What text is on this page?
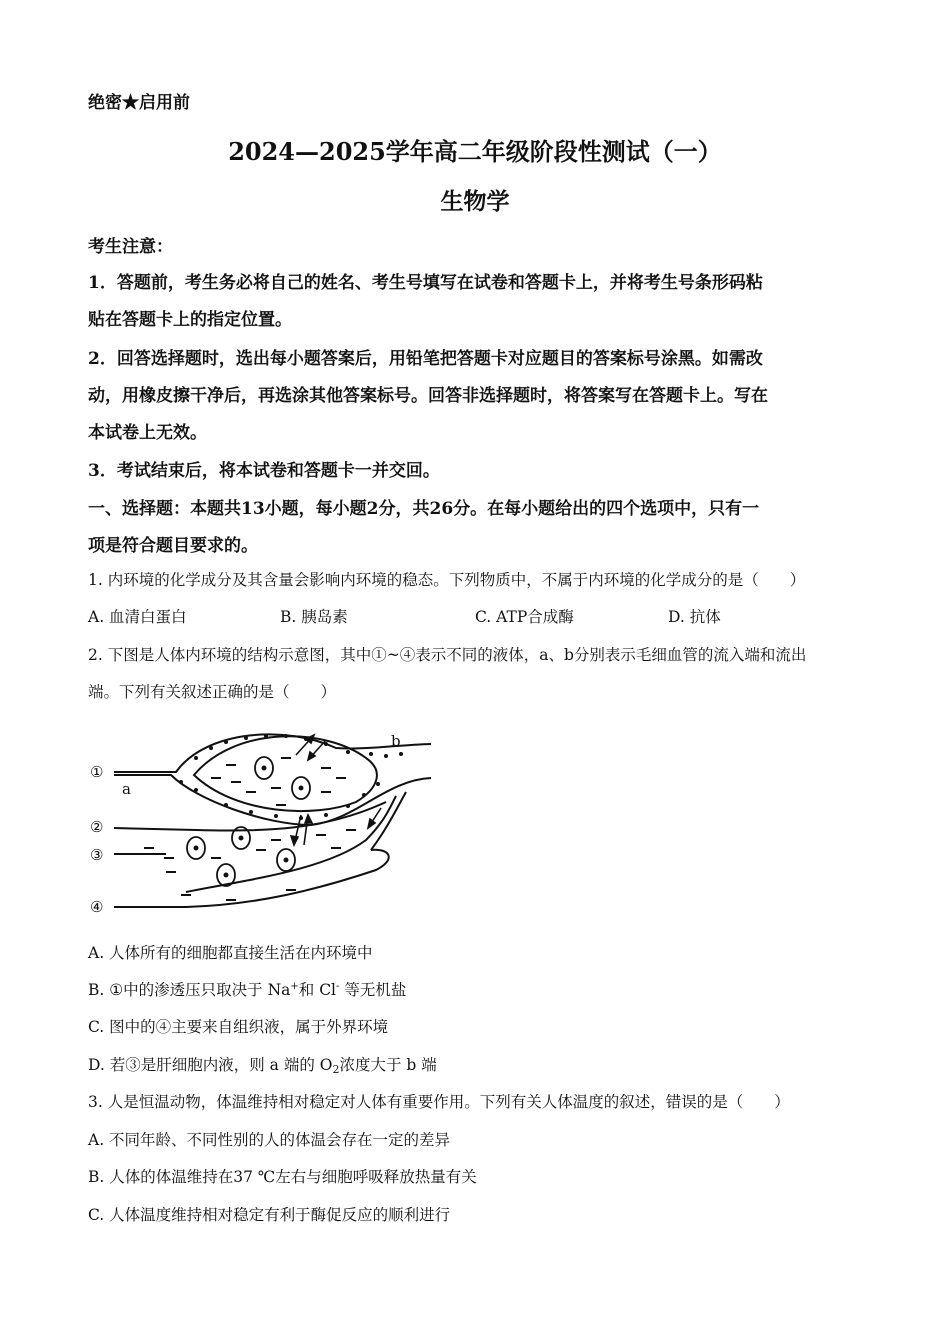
绝密★启用前
2024—2025学年高二年级阶段性测试（一）
生物学
考生注意：
1．答题前，考生务必将自己的姓名、考生号填写在试卷和答题卡上，并将考生号条形码粘
贴在答题卡上的指定位置。
2．回答选择题时，选出每小题答案后，用铅笔把答题卡对应题目的答案标号涂黑。如需改
动，用橡皮擦干净后，再选涂其他答案标号。回答非选择题时，将答案写在答题卡上。写在
本试卷上无效。
3．考试结束后，将本试卷和答题卡一并交回。
一、选择题：本题共13小题，每小题2分，共26分。在每小题给出的四个选项中，只有一
项是符合题目要求的。
1. 内环境的化学成分及其含量会影响内环境的稳态。下列物质中，不属于内环境的化学成分的是（　　）
A. 血清白蛋白	B. 胰岛素	C. ATP合成酶	D. 抗体
2. 下图是人体内环境的结构示意图，其中①~④表示不同的液体，a、b分别表示毛细血管的流入端和流出
端。下列有关叙述正确的是（　　）
①
②
③
④
a
b
A. 人体所有的细胞都直接生活在内环境中
B. ①中的渗透压只取决于 Na+和 Cl- 等无机盐
C. 图中的④主要来自组织液，属于外界环境
D. 若③是肝细胞内液，则 a 端的 $O_2$浓度大于 b 端
3. 人是恒温动物，体温维持相对稳定对人体有重要作用。下列有关人体温度的叙述，错误的是（　　）
A. 不同年龄、不同性别的人的体温会存在一定的差异
B. 人体的体温维持在37 ℃左右与细胞呼吸释放热量有关
C. 人体温度维持相对稳定有利于酶促反应的顺利进行
